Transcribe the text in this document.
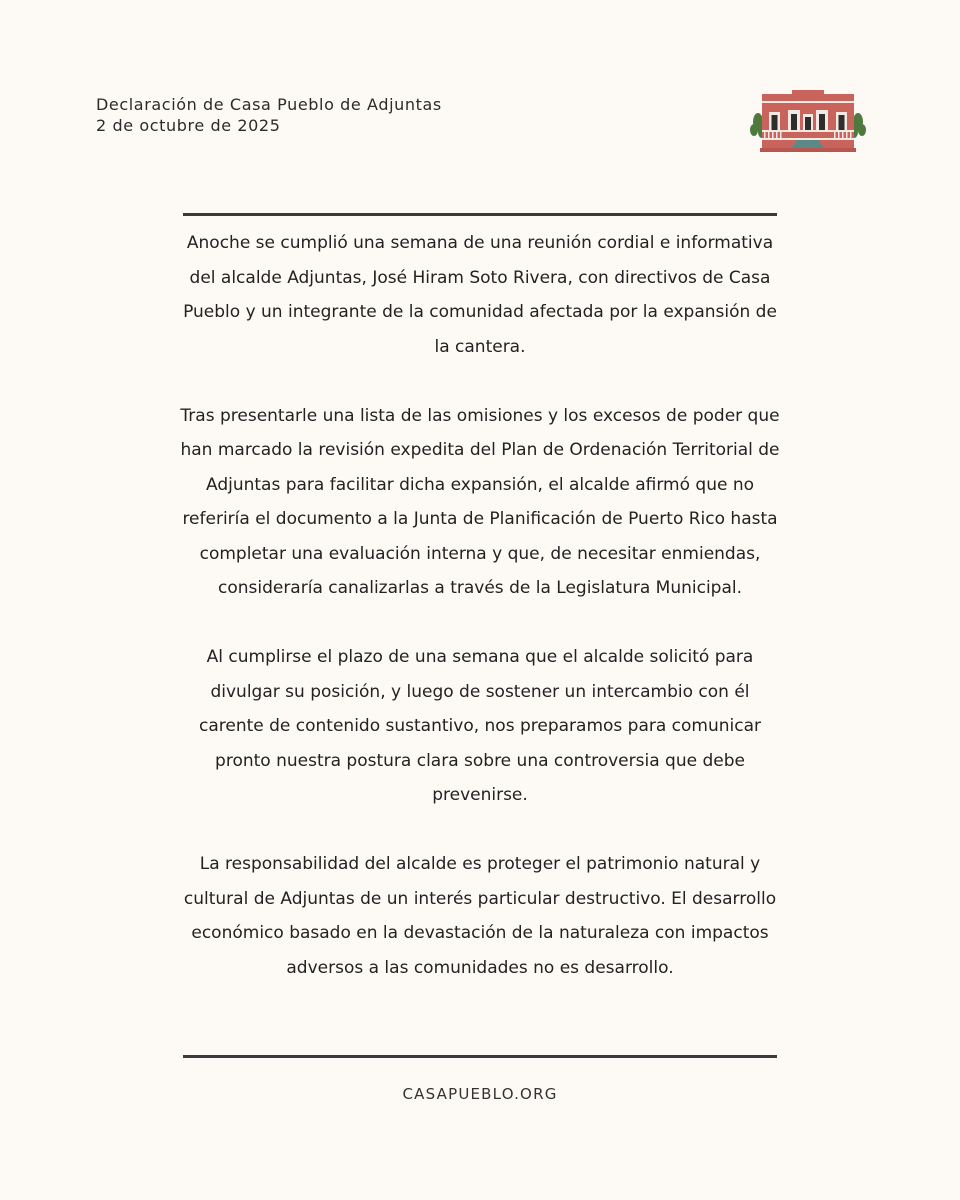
Declaración de Casa Pueblo de Adjuntas
2 de octubre de 2025

Anoche se cumplió una semana de una reunión cordial e informativa del alcalde Adjuntas, José Hiram Soto Rivera, con directivos de Casa Pueblo y un integrante de la comunidad afectada por la expansión de la cantera.

Tras presentarle una lista de las omisiones y los excesos de poder que han marcado la revisión expedita del Plan de Ordenación Territorial de Adjuntas para facilitar dicha expansión, el alcalde afirmó que no referiría el documento a la Junta de Planificación de Puerto Rico hasta completar una evaluación interna y que, de necesitar enmiendas, consideraría canalizarlas a través de la Legislatura Municipal.

Al cumplirse el plazo de una semana que el alcalde solicitó para divulgar su posición, y luego de sostener un intercambio con él carente de contenido sustantivo, nos preparamos para comunicar pronto nuestra postura clara sobre una controversia que debe prevenirse.

La responsabilidad del alcalde es proteger el patrimonio natural y cultural de Adjuntas de un interés particular destructivo. El desarrollo económico basado en la devastación de la naturaleza con impactos adversos a las comunidades no es desarrollo.

CASAPUEBLO.ORG
